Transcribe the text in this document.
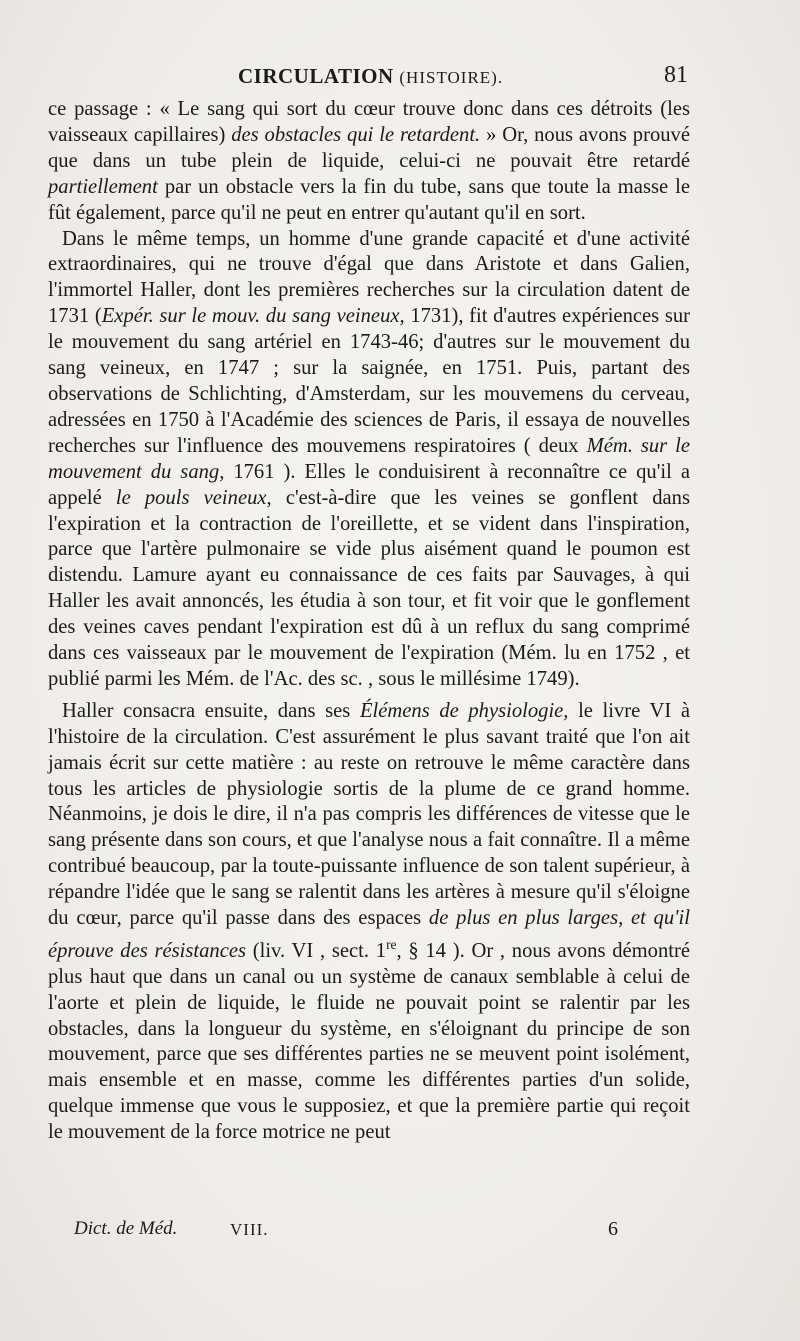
CIRCULATION (HISTOIRE).	81

ce passage : « Le sang qui sort du cœur trouve donc dans ces détroits (les vaisseaux capillaires) des obstacles qui le retardent. » Or, nous avons prouvé que dans un tube plein de liquide, celui-ci ne pouvait être retardé partiellement par un obstacle vers la fin du tube, sans que toute la masse le fût également, parce qu'il ne peut en entrer qu'autant qu'il en sort.

Dans le même temps, un homme d'une grande capacité et d'une activité extraordinaires, qui ne trouve d'égal que dans Aristote et dans Galien, l'immortel Haller, dont les premières recherches sur la circulation datent de 1731 (Expér. sur le mouv. du sang veineux, 1731), fit d'autres expériences sur le mouvement du sang artériel en 1743-46; d'autres sur le mouvement du sang veineux, en 1747 ; sur la saignée, en 1751. Puis, partant des observations de Schlichting, d'Amsterdam, sur les mouvemens du cerveau, adressées en 1750 à l'Académie des sciences de Paris, il essaya de nouvelles recherches sur l'influence des mouvemens respiratoires ( deux Mém. sur le mouvement du sang, 1761 ). Elles le conduisirent à reconnaître ce qu'il a appelé le pouls veineux, c'est-à-dire que les veines se gonflent dans l'expiration et la contraction de l'oreillette, et se vident dans l'inspiration, parce que l'artère pulmonaire se vide plus aisément quand le poumon est distendu. Lamure ayant eu connaissance de ces faits par Sauvages, à qui Haller les avait annoncés, les étudia à son tour, et fit voir que le gonflement des veines caves pendant l'expiration est dû à un reflux du sang comprimé dans ces vaisseaux par le mouvement de l'expiration (Mém. lu en 1752 , et publié parmi les Mém. de l'Ac. des sc. , sous le millésime 1749).

Haller consacra ensuite, dans ses Élémens de physiologie, le livre VI à l'histoire de la circulation. C'est assurément le plus savant traité que l'on ait jamais écrit sur cette matière : au reste on retrouve le même caractère dans tous les articles de physiologie sortis de la plume de ce grand homme. Néanmoins, je dois le dire, il n'a pas compris les différences de vitesse que le sang présente dans son cours, et que l'analyse nous a fait connaître. Il a même contribué beaucoup, par la toute-puissante influence de son talent supérieur, à répandre l'idée que le sang se ralentit dans les artères à mesure qu'il s'éloigne du cœur, parce qu'il passe dans des espaces de plus en plus larges, et qu'il éprouve des résistances (liv. VI , sect. 1re, § 14 ). Or , nous avons démontré plus haut que dans un canal ou un système de canaux semblable à celui de l'aorte et plein de liquide, le fluide ne pouvait point se ralentir par les obstacles, dans la longueur du système, en s'éloignant du principe de son mouvement, parce que ses différentes parties ne se meuvent point isolément, mais ensemble et en masse, comme les différentes parties d'un solide, quelque immense que vous le supposiez, et que la première partie qui reçoit le mouvement de la force motrice ne peut

Dict. de Méd.	VIII.	6
